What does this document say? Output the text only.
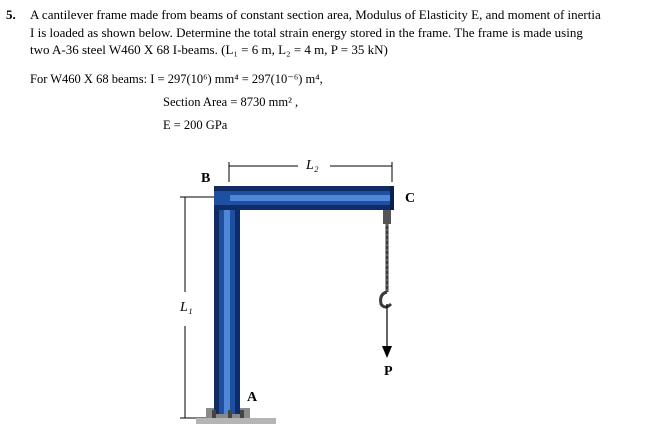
5. A cantilever frame made from beams of constant section area, Modulus of Elasticity E, and moment of inertia
I is loaded as shown below. Determine the total strain energy stored in the frame. The frame is made using
two A-36 steel W460 X 68 I-beams. (L₁ = 6 m, L₂ = 4 m, P = 35 kN)
For W460 X 68 beams: I = 297(10⁶) mm⁴ = 297(10⁻⁶) m⁴,
Section Area = 8730 mm² ,
E = 200 GPa
B
C
A
P
L₁
L₂
